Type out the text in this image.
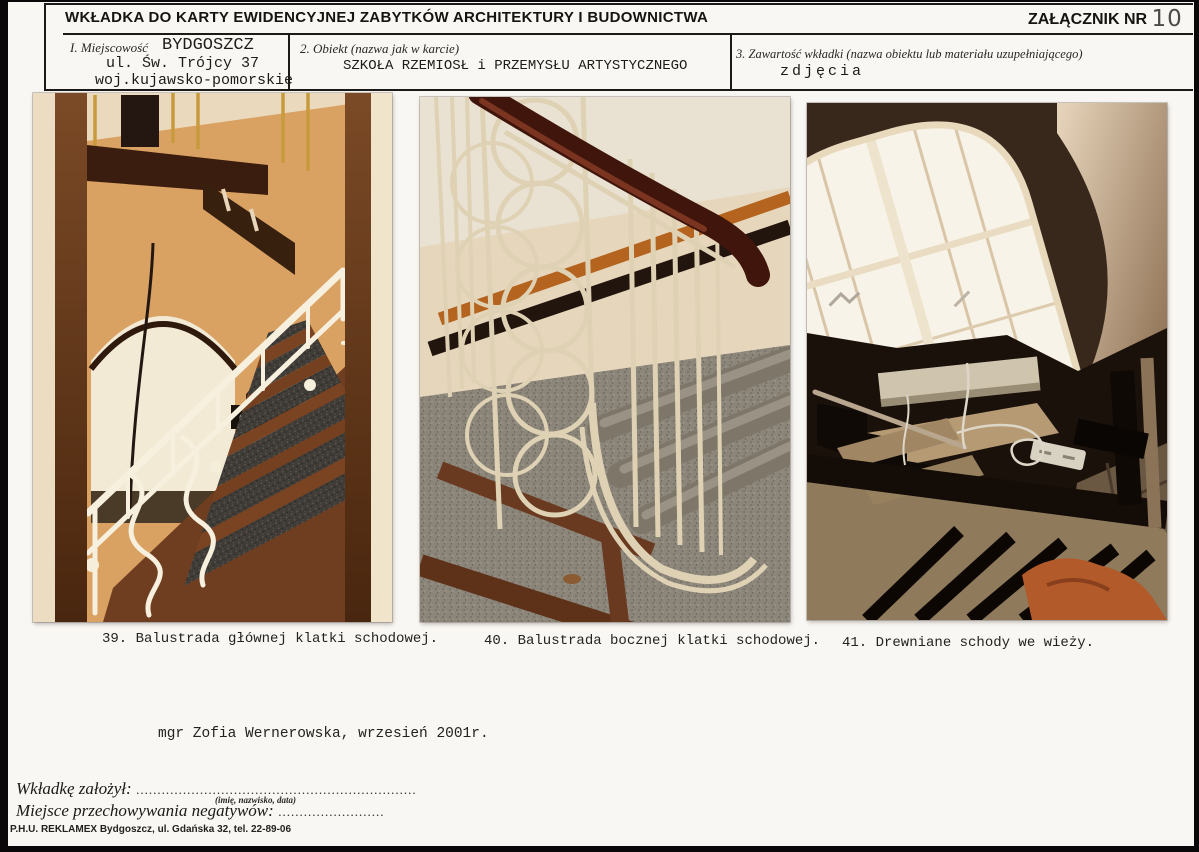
WKŁADKA DO KARTY EWIDENCYJNEJ ZABYTKÓW ARCHITEKTURY I BUDOWNICTWA	ZAŁĄCZNIK NR 10
I. Miejscowość BYDGOSZCZ
ul. Św. Trójcy 37
woj.kujawsko-pomorskie
2. Obiekt (nazwa jak w karcie)
SZKOŁA RZEMIOSŁ i PRZEMYSŁU ARTYSTYCZNEGO
3. Zawartość wkładki (nazwa obiektu lub materiału uzupełniającego)
zdjęcia
39. Balustrada głównej klatki schodowej.	40. Balustrada bocznej klatki schodowej. 41. Drewniane schody we wieży.
mgr Zofia Wernerowska, wrzesień 2001r.
Wkładkę założył: ..................................................................
(imię, nazwisko, data)
Miejsce przechowywania negatywów: .........................
P.H.U. REKLAMEX Bydgoszcz, ul. Gdańska 32, tel. 22-89-06
